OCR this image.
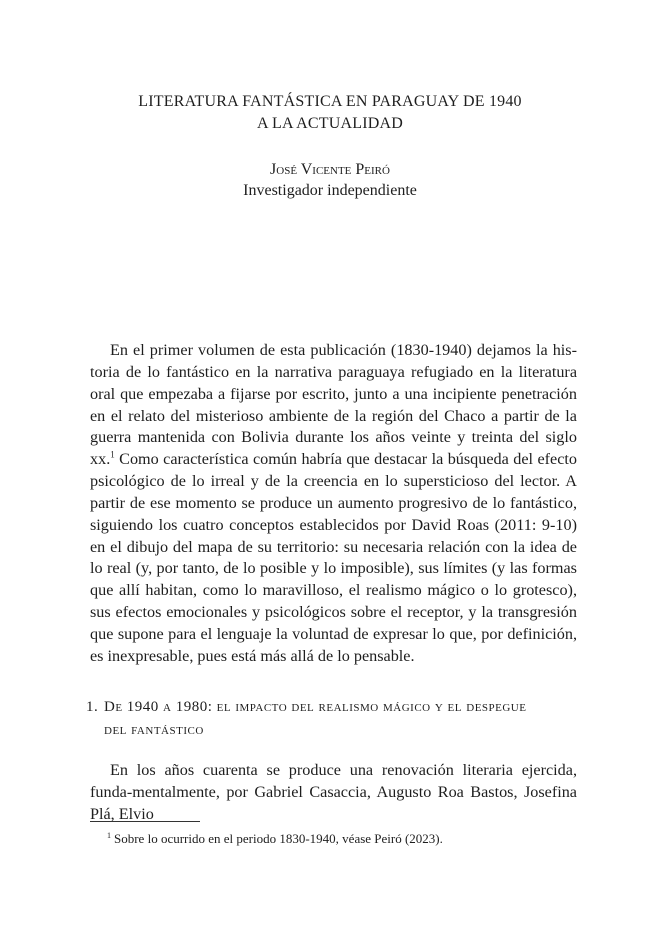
LITERATURA FANTÁSTICA EN PARAGUAY DE 1940
A LA ACTUALIDAD
José Vicente Peiró
Investigador independiente
En el primer volumen de esta publicación (1830-1940) dejamos la his-toria de lo fantástico en la narrativa paraguaya refugiado en la literatura oral que empezaba a fijarse por escrito, junto a una incipiente penetración en el relato del misterioso ambiente de la región del Chaco a partir de la guerra mantenida con Bolivia durante los años veinte y treinta del siglo xx.$^1$ Como característica común habría que destacar la búsqueda del efecto psicológico de lo irreal y de la creencia en lo supersticioso del lector. A partir de ese momento se produce un aumento progresivo de lo fantástico, siguiendo los cuatro conceptos establecidos por David Roas (2011: 9-10) en el dibujo del mapa de su territorio: su necesaria relación con la idea de lo real (y, por tanto, de lo posible y lo imposible), sus límites (y las formas que allí habitan, como lo maravilloso, el realismo mágico o lo grotesco), sus efectos emocionales y psicológicos sobre el receptor, y la transgresión que supone para el lenguaje la voluntad de expresar lo que, por definición, es inexpresable, pues está más allá de lo pensable.
1. De 1940 a 1980: el impacto del realismo mágico y el despegue
del fantástico
En los años cuarenta se produce una renovación literaria ejercida, funda-mentalmente, por Gabriel Casaccia, Augusto Roa Bastos, Josefina Plá, Elvio
$^1$ Sobre lo ocurrido en el periodo 1830-1940, véase Peiró (2023).
